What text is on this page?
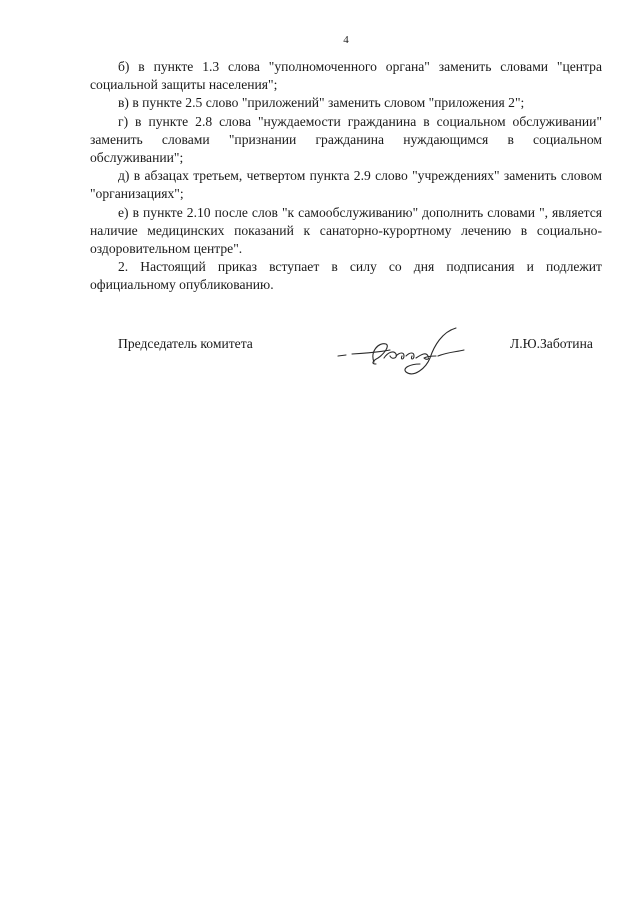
4

б) в пункте 1.3 слова "уполномоченного органа" заменить словами "центра социальной защиты населения";

в) в пункте 2.5 слово "приложений" заменить словом "приложения 2";

г) в пункте 2.8 слова "нуждаемости гражданина в социальном обслуживании" заменить словами "признании гражданина нуждающимся в социальном обслуживании";

д) в абзацах третьем, четвертом пункта 2.9 слово "учреждениях" заменить словом "организациях";

е) в пункте 2.10 после слов "к самообслуживанию" дополнить словами ", является наличие медицинских показаний к санаторно-курортному лечению в социально-оздоровительном центре".

2. Настоящий приказ вступает в силу со дня подписания и подлежит официальному опубликованию.

Председатель комитета	Л.Ю.Заботина
